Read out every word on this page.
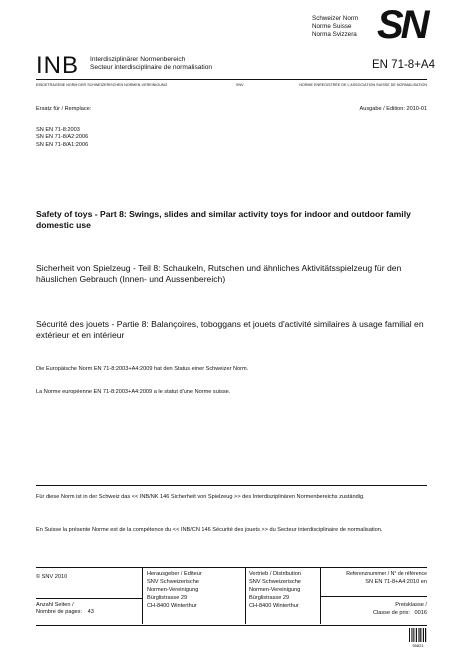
Schweizer Norm
Norme Suisse
Norma Svizzera SN
INB Interdisziplinärer Normenbereich
Secteur interdisciplinaire de normalisation	EN 71-8+A4
EINGETRAGENE NORM DER SCHWEIZERISCHEN NORMEN-VEREINIGUNG	SNV	NORME ENREGISTRÉE DE L'ASSOCIATION SUISSE DE NORMALISATION
Ersatz für / Remplace:	Ausgabe / Edition: 2010-01
SN EN 71-8:2003
SN EN 71-8/A2:2006
SN EN 71-8/A1:2006
Safety of toys - Part 8: Swings, slides and similar activity toys for indoor and outdoor family domestic use
Sicherheit von Spielzeug - Teil 8: Schaukeln, Rutschen und ähnliches Aktivitätsspielzeug für den häuslichen Gebrauch (Innen- und Aussenbereich)
Sécurité des jouets - Partie 8: Balançoires, toboggans et jouets d'activité similaires à usage familial en extérieur et en intérieur
Die Europäische Norm EN 71-8:2003+A4:2009 hat den Status einer Schweizer Norm.
La Norme européenne EN 71-8:2003+A4:2009 a le statut d'une Norme suisse.
Für diese Norm ist in der Schweiz das << INB/NK 146 Sicherheit von Spielzeug >> des Interdisziplinären Normenbereichs zuständig.
En Suisse la présente Norme est de la compétence du << INB/CN 146 Sécurité des jouets >> du Secteur interdisciplinaire de normalisation.
© SNV 2010
Anzahl Seiten /
Nombre de pages: 43
Herausgeber / Editeur
SNV Schweizerische
Normen-Vereinigung
Bürglistrasse 29
CH-8400 Winterthur
Vertrieb / Distribution
SNV Schweizerische
Normen-Vereinigung
Bürglistrasse 29
CH-8400 Winterthur
Referenznummer / N° de référence
SN EN 71-8+A4:2010 en
Preisklasse /
Classe de prix: 0016
55821
